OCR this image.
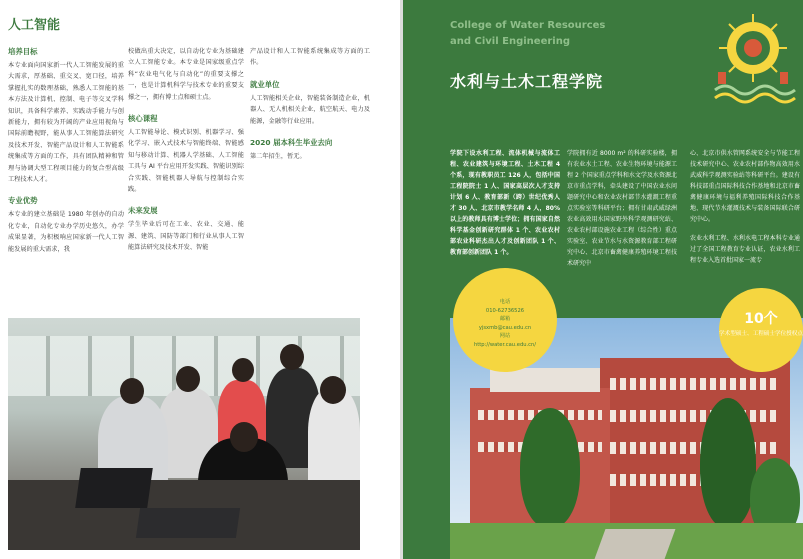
人工智能
培养目标

本专业面向国家新一代人工智能发展的重大需求，厚基础、重交叉、宽口径，培养掌握扎实的数理基础，熟悉人工智能的基本方法及计算机、控制、电子等交叉学科知识，具备科学素养、实践动手能力与创新能力，拥有较为开阔的产业应用视角与国际前瞻视野，能从事人工智能算法研究及技术开发、智能产品设计和人工智能系统集成等方面的工作，具有团队精神和管理与协调大型工程项目能力的复合型高级工程技术人才。

专业优势

本专业的建立基础是 1980 年创办的自动化专业，自动化专业办学历史悠久，办学成果显著，为积极响应国家新一代人工智能发展的重大需求，我

校做出重大决定，以自动化专业为基础建立人工智能专业。本专业是国家级重点学科“农业电气化与自动化”的重要支撑之一，也是计算机科学与技术专业的重要支撑之一，拥有博士点和硕士点。

核心课程

人工智能导论、模式识别、机器学习、强化学习、嵌入式技术与智能终端、智能感知与移动计算、机器人学基础、人工智能工具与 AI 平台应用开发实践、智能识别综合实践、智能机器人导航与控制综合实践。

未来发展

学生毕业后可在工业、农业、交通、能源、建筑、国防等部门和行业从事人工智能算法研究及技术开发、智能

产品设计和人工智能系统集成等方面的工作。

就业单位

人工智能相关企业，智能装备制造企业，机器人、无人机相关企业，航空航天、电力及能源，金融等行业应用。

2020 届本科生毕业去向

第二年招生，暂无。

College of Water Resources
and Civil Engineering
水利与土木工程学院

学院下设水利工程、流体机械与流体工程、农业建筑与环境工程、土木工程 4 个系，现有教职员工 126 人，包括中国工程院院士 1 人、国家高层次人才支持计划 6 人、教育部新（跨）世纪优秀人才 30 人、北京市教学名师 4 人，80% 以上的教师具有博士学位；拥有国家自然科学基金创新研究群体 1 个、农业农村部农业科研杰出人才及创新团队 1 个、教育部创新团队 1 个。

学院拥有近 8000 m² 的科研实验楼，拥有农业水土工程、农业生物环境与能源工程 2 个国家重点学科和水文学及水资源北京市重点学科，牵头建设了中国农业水问题研究中心和农业农村部节水灌溉工程重点实验室等科研平台；拥有甘肃武威绿洲农业高效用水国家野外科学观测研究站、农业农村部设施农业工程（综合性）重点实验室、农业节水与水资源教育部工程研究中心、北京市畜禽健康养殖环境工程技术研究中

心、北京市供水管网系统安全与节能工程技术研究中心、农业农村部作物高效用水武威科学观测实验站等科研平台。建设有科技部重点国际科技合作基地和北京市畜禽健康环境与福利养殖国际科技合作基地、现代节水灌溉技术与装备国际联合研究中心。

农业水利工程、水利水电工程本科专业通过了全国工程教育专业认证，农业水利工程专业入选首批国家一流专

电话
010-62736526
邮箱
yjsxmb@cau.edu.cn
网站
http://water.cau.edu.cn/
10个
学术型硕士、工程硕士学位授权点
